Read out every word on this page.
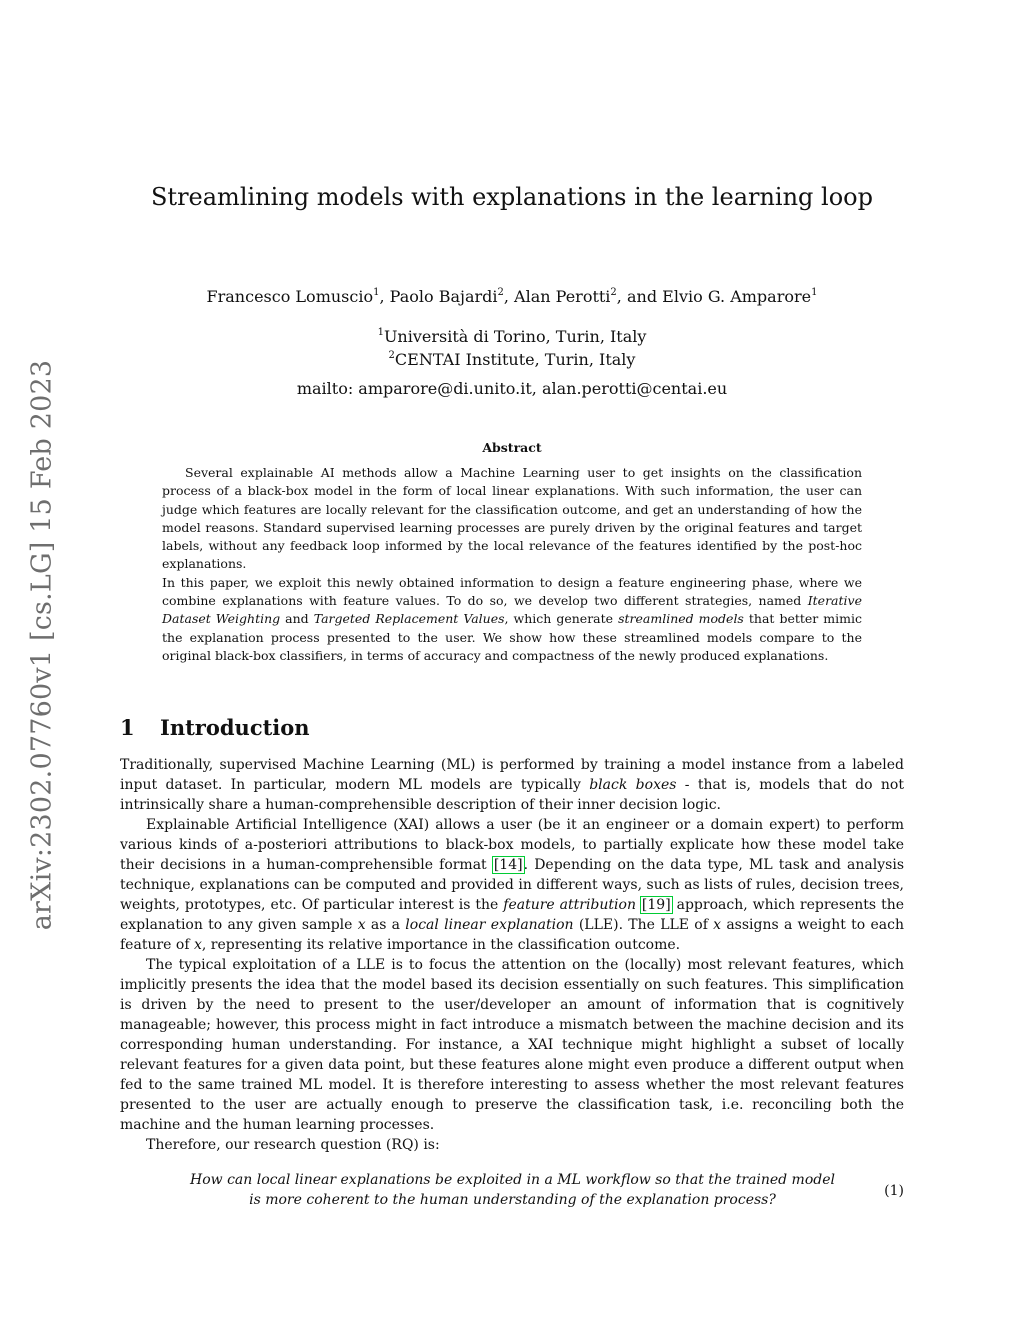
arXiv:2302.07760v1 [cs.LG] 15 Feb 2023
Streamlining models with explanations in the learning loop
Francesco Lomuscio$^1$, Paolo Bajardi$^2$, Alan Perotti$^2$, and Elvio G. Amparore$^1$
$^1$Università di Torino, Turin, Italy
$^2$CENTAI Institute, Turin, Italy
mailto: amparore@di.unito.it, alan.perotti@centai.eu
Abstract

Several explainable AI methods allow a Machine Learning user to get insights on the classification process of a black-box model in the form of local linear explanations. With such information, the user can judge which features are locally relevant for the classification outcome, and get an understanding of how the model reasons. Standard supervised learning processes are purely driven by the original features and target labels, without any feedback loop informed by the local relevance of the features identified by the post-hoc explanations.

In this paper, we exploit this newly obtained information to design a feature engineering phase, where we combine explanations with feature values. To do so, we develop two different strategies, named Iterative Dataset Weighting and Targeted Replacement Values, which generate streamlined models that better mimic the explanation process presented to the user. We show how these streamlined models compare to the original black-box classifiers, in terms of accuracy and compactness of the newly produced explanations.

1 Introduction

Traditionally, supervised Machine Learning (ML) is performed by training a model instance from a labeled input dataset. In particular, modern ML models are typically black boxes - that is, models that do not intrinsically share a human-comprehensible description of their inner decision logic.

Explainable Artificial Intelligence (XAI) allows a user (be it an engineer or a domain expert) to perform various kinds of a-posteriori attributions to black-box models, to partially explicate how these model take their decisions in a human-comprehensible format [14]. Depending on the data type, ML task and analysis technique, explanations can be computed and provided in different ways, such as lists of rules, decision trees, weights, prototypes, etc. Of particular interest is the feature attribution [19] approach, which represents the explanation to any given sample x as a local linear explanation (LLE). The LLE of x assigns a weight to each feature of x, representing its relative importance in the classification outcome.

The typical exploitation of a LLE is to focus the attention on the (locally) most relevant features, which implicitly presents the idea that the model based its decision essentially on such features. This simplification is driven by the need to present to the user/developer an amount of information that is cognitively manageable; however, this process might in fact introduce a mismatch between the machine decision and its corresponding human understanding. For instance, a XAI technique might highlight a subset of locally relevant features for a given data point, but these features alone might even produce a different output when fed to the same trained ML model. It is therefore interesting to assess whether the most relevant features presented to the user are actually enough to preserve the classification task, i.e. reconciling both the machine and the human learning processes.

Therefore, our research question (RQ) is:

How can local linear explanations be exploited in a ML workflow so that the trained model
is more coherent to the human understanding of the explanation process?
(1)
